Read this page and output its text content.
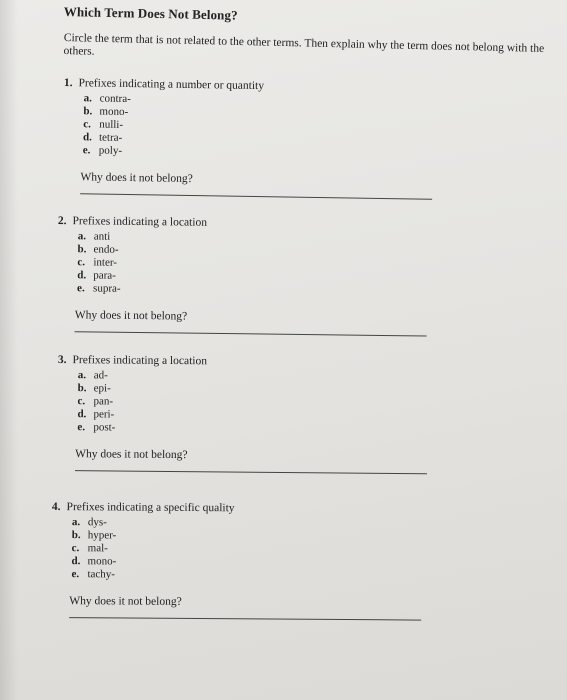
Which Term Does Not Belong?
Circle the term that is not related to the other terms. Then explain why the term does not belong with the others.
1. Prefixes indicating a number or quantity
a. contra-
b. mono-
c. nulli-
d. tetra-
e. poly-
Why does it not belong?
2. Prefixes indicating a location
a. anti
b. endo-
c. inter-
d. para-
e. supra-
Why does it not belong?
3. Prefixes indicating a location
a. ad-
b. epi-
c. pan-
d. peri-
e. post-
Why does it not belong?
4. Prefixes indicating a specific quality
a. dys-
b. hyper-
c. mal-
d. mono-
e. tachy-
Why does it not belong?
